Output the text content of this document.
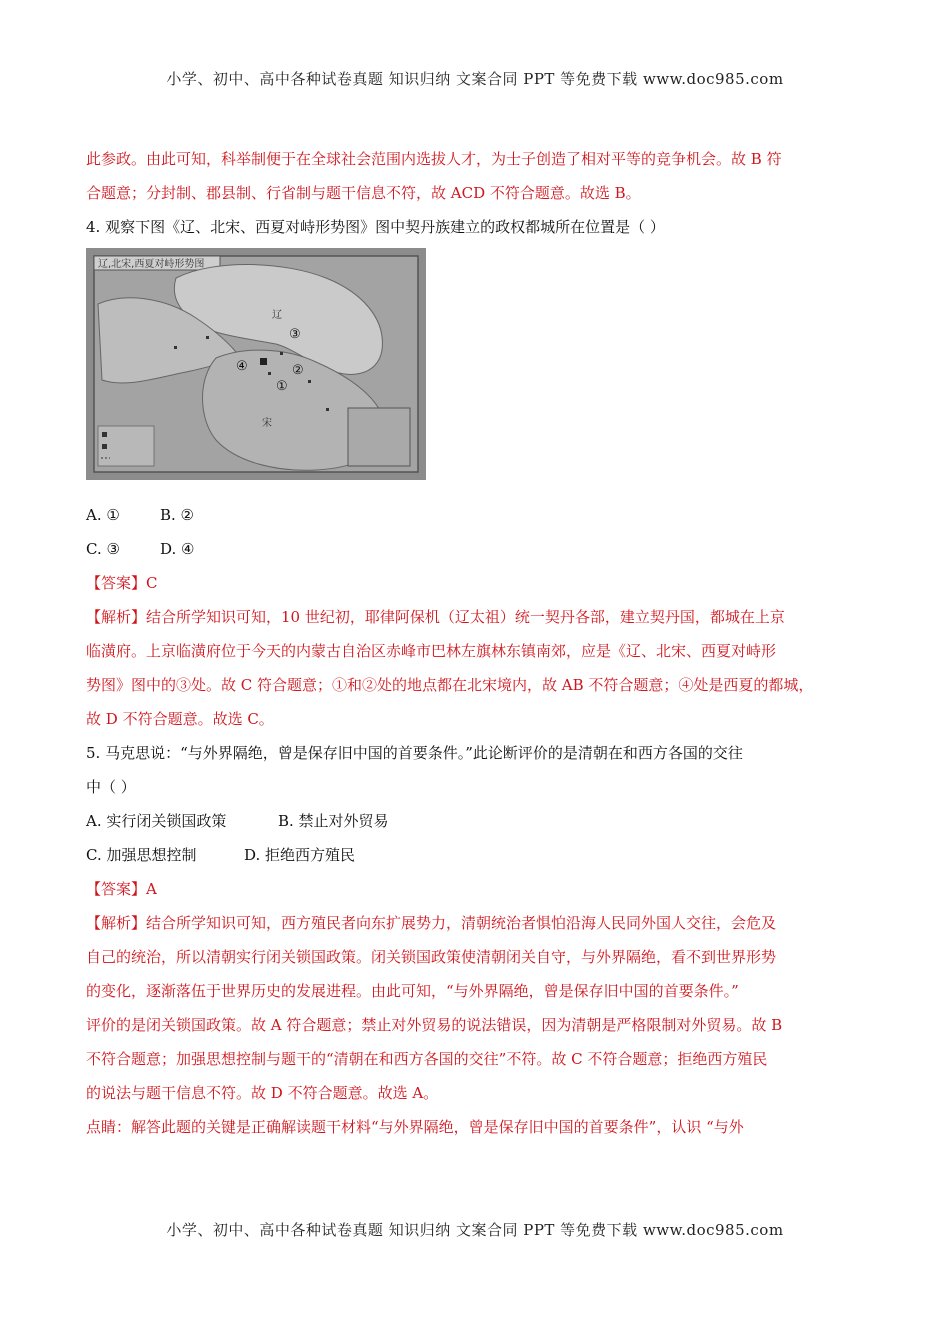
小学、初中、高中各种试卷真题 知识归纳 文案合同 PPT 等免费下载 www.doc985.com
此参政。由此可知，科举制便于在全球社会范围内选拔人才，为士子创造了相对平等的竞争机会。故 B 符
合题意；分封制、郡县制、行省制与题干信息不符，故 ACD 不符合题意。故选 B。
4. 观察下图《辽、北宋、西夏对峙形势图》图中契丹族建立的政权都城所在位置是（ ）
辽,北宋,西夏对峙形势图
辽
宋
③
④	②
①
A. ①	B. ②
C. ③	D. ④
【答案】C
【解析】结合所学知识可知，10 世纪初，耶律阿保机（辽太祖）统一契丹各部，建立契丹国，都城在上京
临潢府。上京临潢府位于今天的内蒙古自治区赤峰市巴林左旗林东镇南郊，应是《辽、北宋、西夏对峙形
势图》图中的③处。故 C 符合题意；①和②处的地点都在北宋境内，故 AB 不符合题意；④处是西夏的都城，
故 D 不符合题意。故选 C。
5. 马克思说：“与外界隔绝，曾是保存旧中国的首要条件。”此论断评价的是清朝在和西方各国的交往
中（ ）
A. 实行闭关锁国政策	B. 禁止对外贸易
C. 加强思想控制	D. 拒绝西方殖民
【答案】A
【解析】结合所学知识可知，西方殖民者向东扩展势力，清朝统治者惧怕沿海人民同外国人交往，会危及
自己的统治，所以清朝实行闭关锁国政策。闭关锁国政策使清朝闭关自守，与外界隔绝，看不到世界形势
的变化，逐渐落伍于世界历史的发展进程。由此可知，“与外界隔绝，曾是保存旧中国的首要条件。”
评价的是闭关锁国政策。故 A 符合题意；禁止对外贸易的说法错误，因为清朝是严格限制对外贸易。故 B
不符合题意；加强思想控制与题干的“清朝在和西方各国的交往”不符。故 C 不符合题意；拒绝西方殖民
的说法与题干信息不符。故 D 不符合题意。故选 A。
点睛：解答此题的关键是正确解读题干材料“与外界隔绝，曾是保存旧中国的首要条件”，认识 “与外
小学、初中、高中各种试卷真题 知识归纳 文案合同 PPT 等免费下载 www.doc985.com
